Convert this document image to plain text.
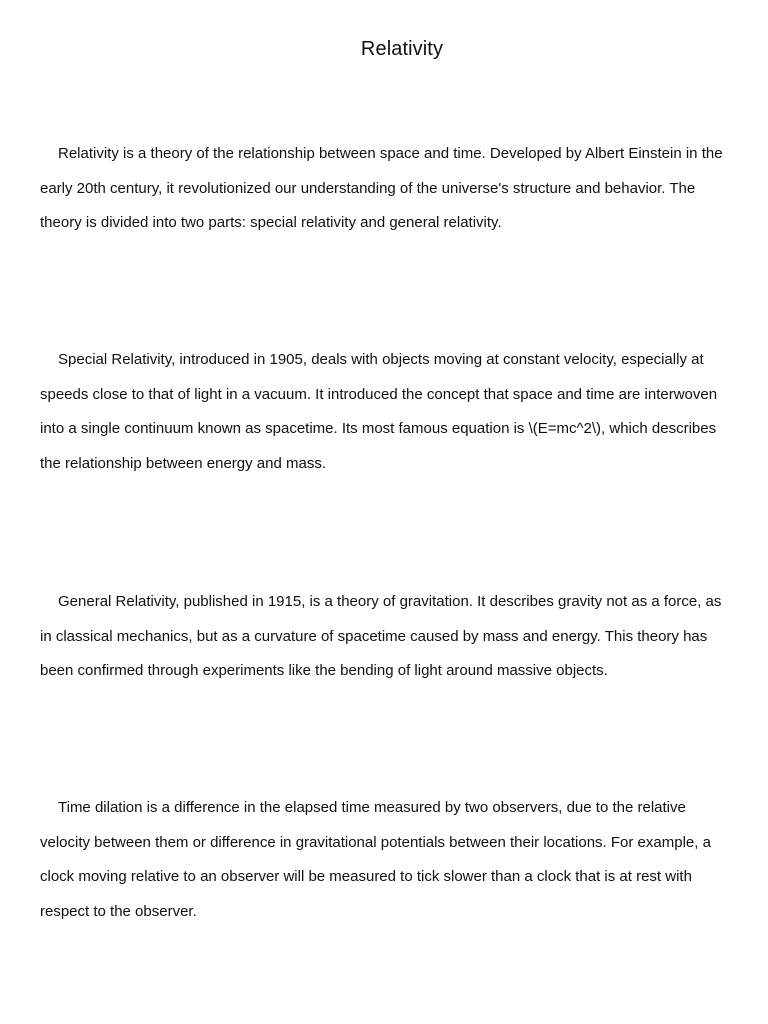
Relativity

Relativity is a theory of the relationship between space and time. Developed by Albert Einstein in the early 20th century, it revolutionized our understanding of the universe's structure and behavior. The theory is divided into two parts: special relativity and general relativity.

Special Relativity, introduced in 1905, deals with objects moving at constant velocity, especially at speeds close to that of light in a vacuum. It introduced the concept that space and time are interwoven into a single continuum known as spacetime. Its most famous equation is \(E=mc^2\), which describes the relationship between energy and mass.

General Relativity, published in 1915, is a theory of gravitation. It describes gravity not as a force, as in classical mechanics, but as a curvature of spacetime caused by mass and energy. This theory has been confirmed through experiments like the bending of light around massive objects.

Time dilation is a difference in the elapsed time measured by two observers, due to the relative velocity between them or difference in gravitational potentials between their locations. For example, a clock moving relative to an observer will be measured to tick slower than a clock that is at rest with respect to the observer.
